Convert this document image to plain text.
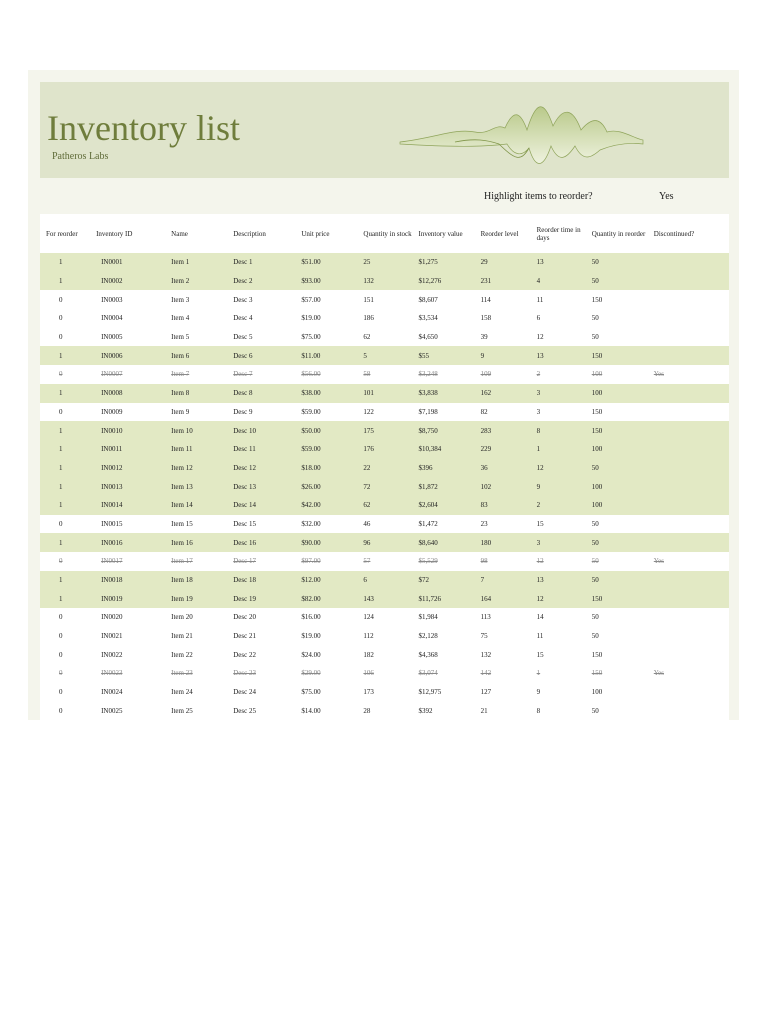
Inventory list
Patheros Labs
Highlight items to reorder?	Yes
For reorder	Inventory ID	Name	Description	Unit price	Quantity in stock	Inventory value	Reorder level	Reorder time in days	Quantity in reorder	Discontinued?
1	IN0001	Item 1	Desc 1	$51.00	25	$1,275	29	13	50	
1	IN0002	Item 2	Desc 2	$93.00	132	$12,276	231	4	50	
0	IN0003	Item 3	Desc 3	$57.00	151	$8,607	114	11	150	
0	IN0004	Item 4	Desc 4	$19.00	186	$3,534	158	6	50	
0	IN0005	Item 5	Desc 5	$75.00	62	$4,650	39	12	50	
1	IN0006	Item 6	Desc 6	$11.00	5	$55	9	13	150	
0	IN0007	Item 7	Desc 7	$56.00	58	$3,248	109	2	100	Yes
1	IN0008	Item 8	Desc 8	$38.00	101	$3,838	162	3	100	
0	IN0009	Item 9	Desc 9	$59.00	122	$7,198	82	3	150	
1	IN0010	Item 10	Desc 10	$50.00	175	$8,750	283	8	150	
1	IN0011	Item 11	Desc 11	$59.00	176	$10,384	229	1	100	
1	IN0012	Item 12	Desc 12	$18.00	22	$396	36	12	50	
1	IN0013	Item 13	Desc 13	$26.00	72	$1,872	102	9	100	
1	IN0014	Item 14	Desc 14	$42.00	62	$2,604	83	2	100	
0	IN0015	Item 15	Desc 15	$32.00	46	$1,472	23	15	50	
1	IN0016	Item 16	Desc 16	$90.00	96	$8,640	180	3	50	
0	IN0017	Item 17	Desc 17	$97.00	57	$5,529	98	12	50	Yes
1	IN0018	Item 18	Desc 18	$12.00	6	$72	7	13	50	
1	IN0019	Item 19	Desc 19	$82.00	143	$11,726	164	12	150	
0	IN0020	Item 20	Desc 20	$16.00	124	$1,984	113	14	50	
0	IN0021	Item 21	Desc 21	$19.00	112	$2,128	75	11	50	
0	IN0022	Item 22	Desc 22	$24.00	182	$4,368	132	15	150	
0	IN0023	Item 23	Desc 23	$29.00	106	$3,074	142	1	150	Yes
0	IN0024	Item 24	Desc 24	$75.00	173	$12,975	127	9	100	
0	IN0025	Item 25	Desc 25	$14.00	28	$392	21	8	50	
